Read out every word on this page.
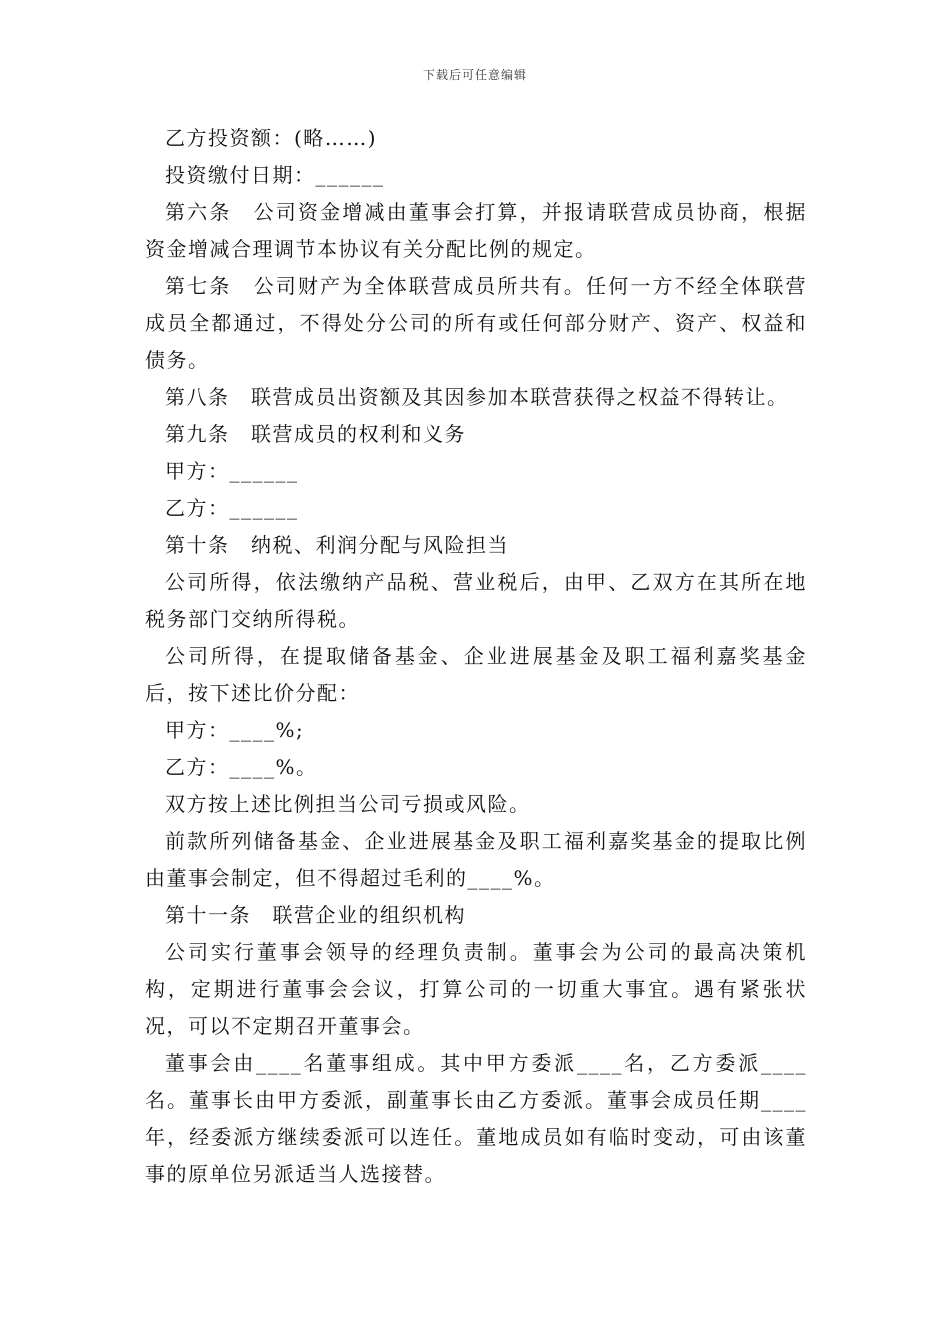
下载后可任意编辑

乙方投资额：(略……)

投资缴付日期：______

第六条　公司资金增减由董事会打算，并报请联营成员协商，根据资金增减合理调节本协议有关分配比例的规定。

第七条　公司财产为全体联营成员所共有。任何一方不经全体联营成员全都通过，不得处分公司的所有或任何部分财产、资产、权益和债务。

第八条　联营成员出资额及其因参加本联营获得之权益不得转让。

第九条　联营成员的权利和义务

甲方：______

乙方：______

第十条　纳税、利润分配与风险担当

公司所得，依法缴纳产品税、营业税后，由甲、乙双方在其所在地税务部门交纳所得税。

公司所得，在提取储备基金、企业进展基金及职工福利嘉奖基金后，按下述比价分配：

甲方：____%;

乙方：____%。

双方按上述比例担当公司亏损或风险。

前款所列储备基金、企业进展基金及职工福利嘉奖基金的提取比例由董事会制定，但不得超过毛利的____%。

第十一条　联营企业的组织机构

公司实行董事会领导的经理负责制。董事会为公司的最高决策机构，定期进行董事会会议，打算公司的一切重大事宜。遇有紧张状况，可以不定期召开董事会。

董事会由____名董事组成。其中甲方委派____名，乙方委派____名。董事长由甲方委派，副董事长由乙方委派。董事会成员任期____年，经委派方继续委派可以连任。董地成员如有临时变动，可由该董事的原单位另派适当人选接替。
